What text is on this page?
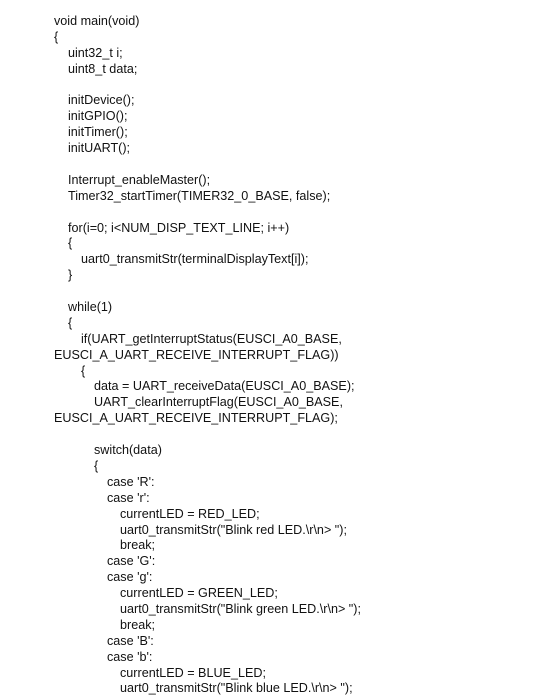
void main(void)
{
uint32_t i;
uint8_t data;
initDevice();
initGPIO();
initTimer();
initUART();
Interrupt_enableMaster();
Timer32_startTimer(TIMER32_0_BASE, false);
for(i=0; i<NUM_DISP_TEXT_LINE; i++)
{
uart0_transmitStr(terminalDisplayText[i]);
}
while(1)
{
if(UART_getInterruptStatus(EUSCI_A0_BASE,
EUSCI_A_UART_RECEIVE_INTERRUPT_FLAG))
{
data = UART_receiveData(EUSCI_A0_BASE);
UART_clearInterruptFlag(EUSCI_A0_BASE,
EUSCI_A_UART_RECEIVE_INTERRUPT_FLAG);
switch(data)
{
case 'R':
case 'r':
currentLED = RED_LED;
uart0_transmitStr("Blink red LED.\r\n> ");
break;
case 'G':
case 'g':
currentLED = GREEN_LED;
uart0_transmitStr("Blink green LED.\r\n> ");
break;
case 'B':
case 'b':
currentLED = BLUE_LED;
uart0_transmitStr("Blink blue LED.\r\n> ");
